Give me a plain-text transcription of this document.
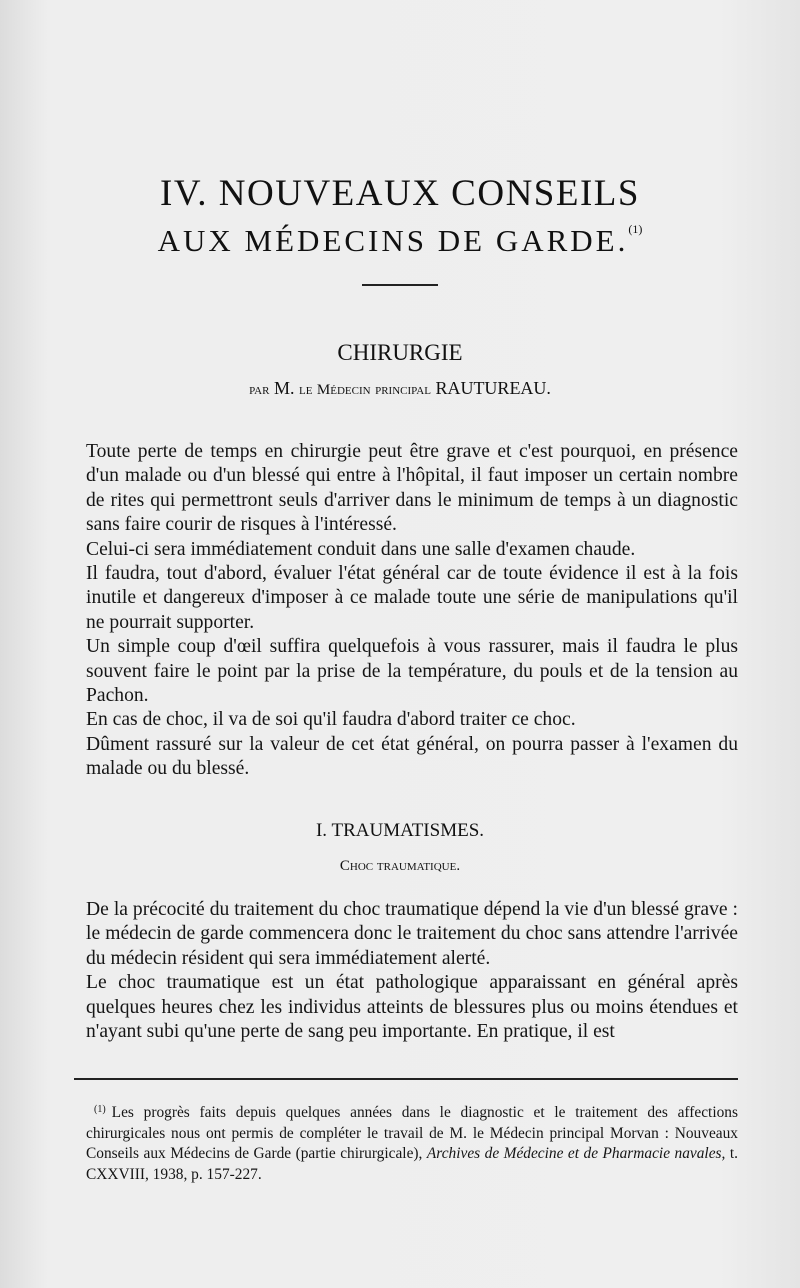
IV. NOUVEAUX CONSEILS
AUX MÉDECINS DE GARDE.$^{(1)}$
CHIRURGIE
par M. le Médecin principal RAUTUREAU.

Toute perte de temps en chirurgie peut être grave et c'est pourquoi, en présence d'un malade ou d'un blessé qui entre à l'hôpital, il faut imposer un certain nombre de rites qui permettront seuls d'arriver dans le minimum de temps à un diagnostic sans faire courir de risques à l'intéressé.

Celui-ci sera immédiatement conduit dans une salle d'examen chaude.

Il faudra, tout d'abord, évaluer l'état général car de toute évidence il est à la fois inutile et dangereux d'imposer à ce malade toute une série de manipulations qu'il ne pourrait supporter.

Un simple coup d'œil suffira quelquefois à vous rassurer, mais il faudra le plus souvent faire le point par la prise de la température, du pouls et de la tension au Pachon.

En cas de choc, il va de soi qu'il faudra d'abord traiter ce choc.

Dûment rassuré sur la valeur de cet état général, on pourra passer à l'examen du malade ou du blessé.

I. TRAUMATISMES.
Choc traumatique.

De la précocité du traitement du choc traumatique dépend la vie d'un blessé grave : le médecin de garde commencera donc le traitement du choc sans attendre l'arrivée du médecin résident qui sera immédiatement alerté.

Le choc traumatique est un état pathologique apparaissant en général après quelques heures chez les individus atteints de blessures plus ou moins étendues et n'ayant subi qu'une perte de sang peu importante. En pratique, il est

$^{(1)}$ Les progrès faits depuis quelques années dans le diagnostic et le traitement des affections chirurgicales nous ont permis de compléter le travail de M. le Médecin principal Morvan : Nouveaux Conseils aux Médecins de Garde (partie chirurgicale), Archives de Médecine et de Pharmacie navales, t. CXXVIII, 1938, p. 157-227.
